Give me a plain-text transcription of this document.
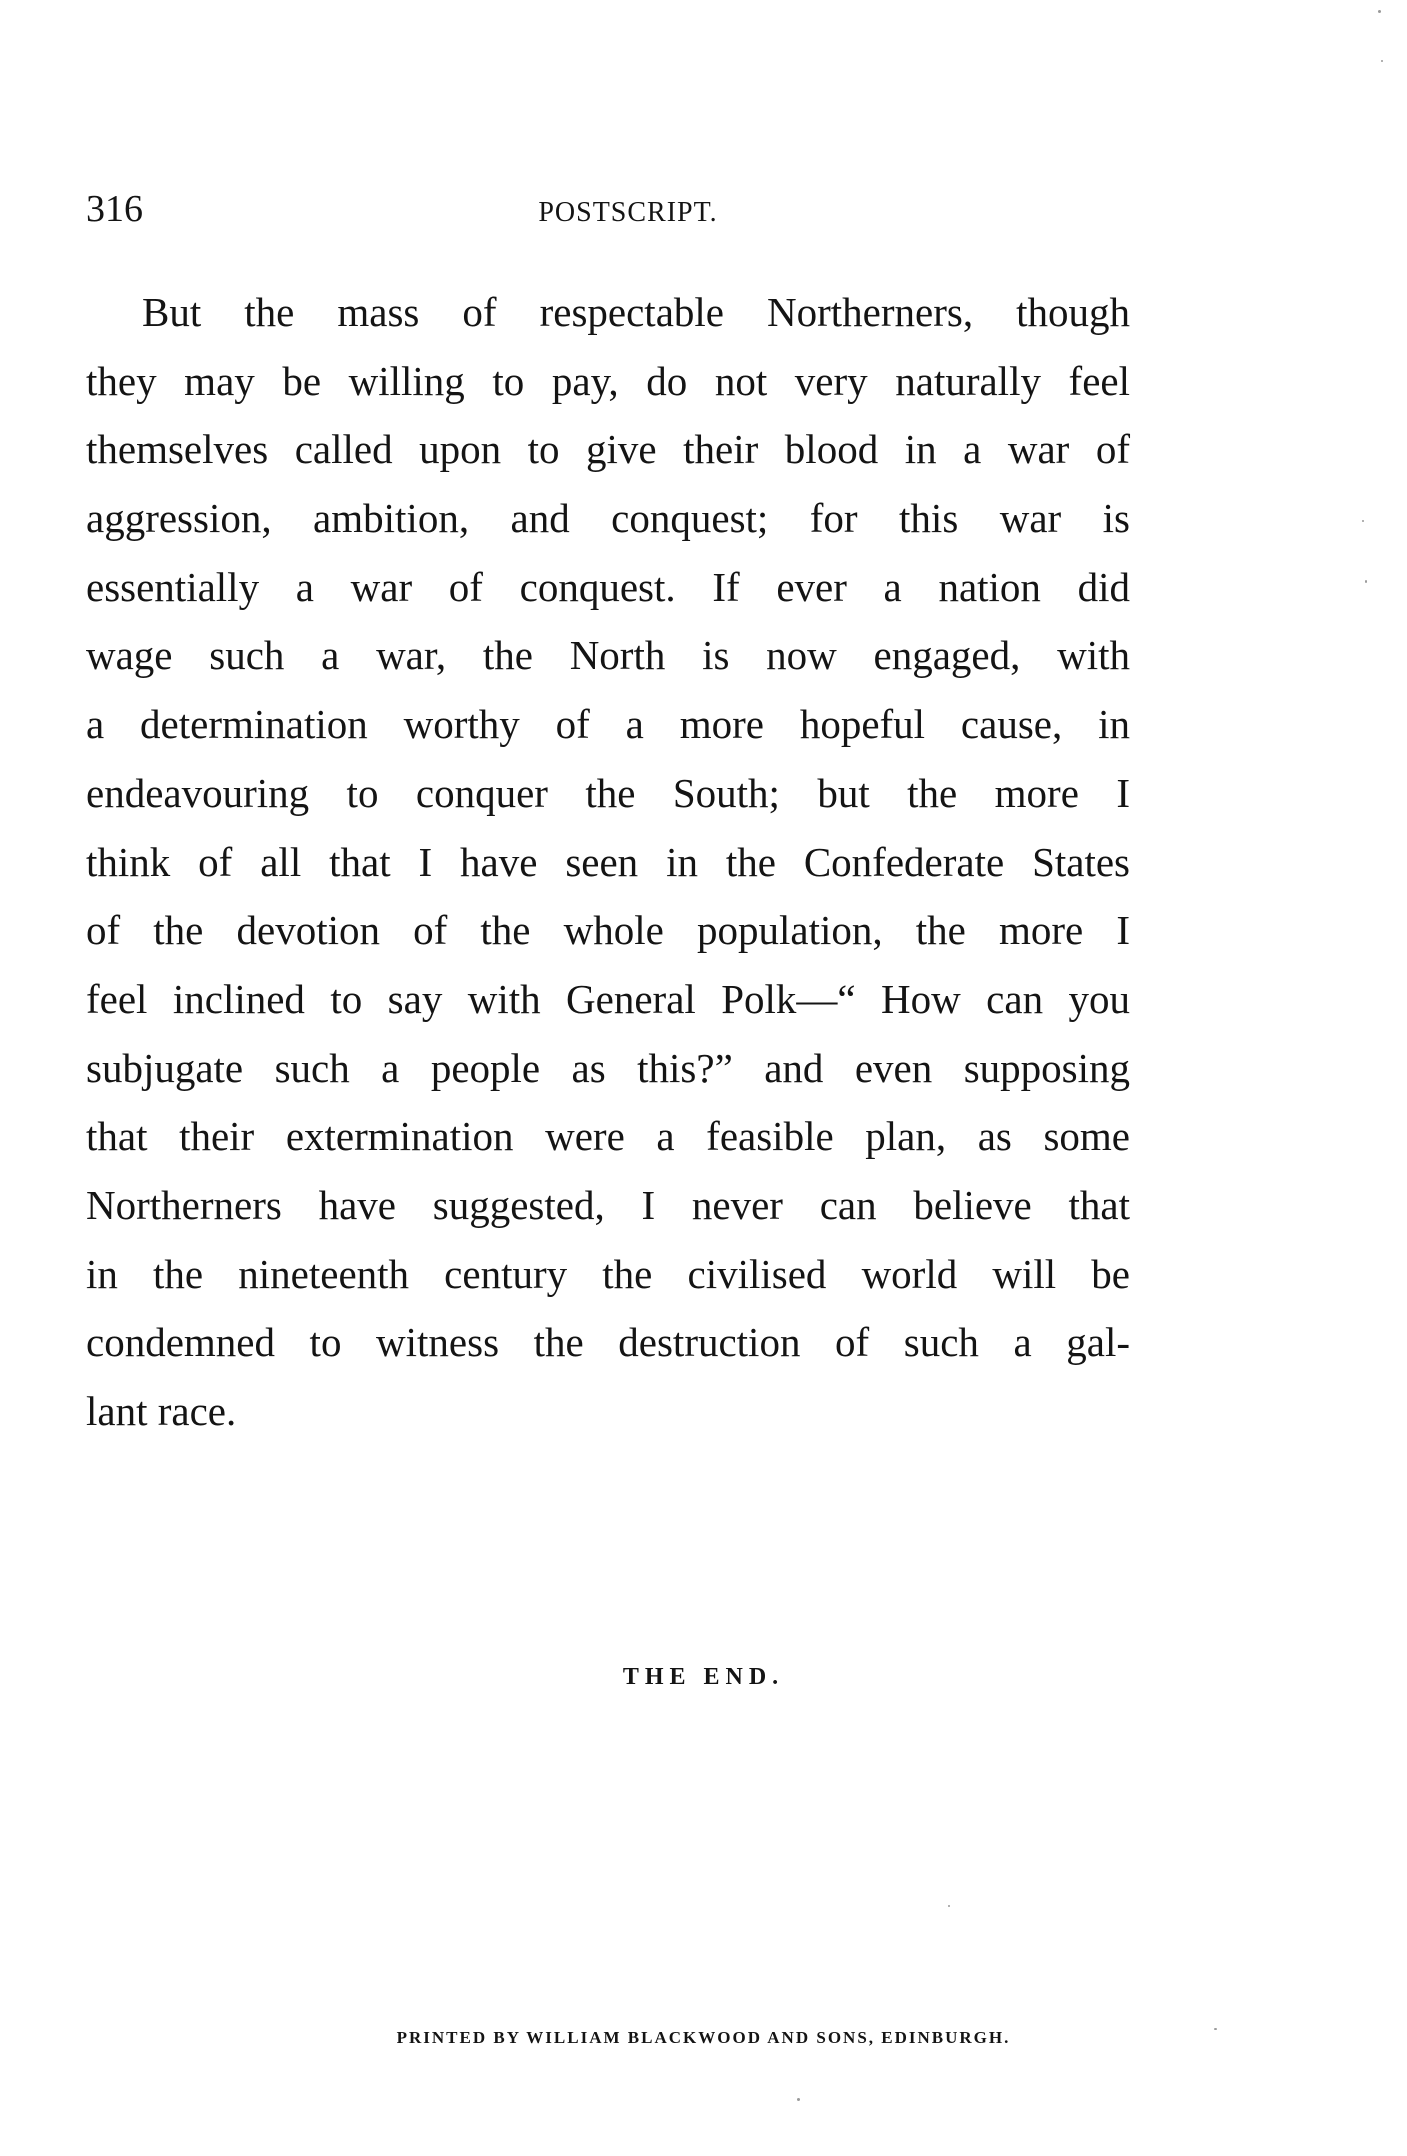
316	POSTSCRIPT.
But the mass of respectable Northerners, though
they may be willing to pay, do not very naturally feel
themselves called upon to give their blood in a war of
aggression, ambition, and conquest; for this war is
essentially a war of conquest. If ever a nation did
wage such a war, the North is now engaged, with
a determination worthy of a more hopeful cause, in
endeavouring to conquer the South; but the more I
think of all that I have seen in the Confederate States
of the devotion of the whole population, the more I
feel inclined to say with General Polk—“ How can you
subjugate such a people as this?” and even supposing
that their extermination were a feasible plan, as some
Northerners have suggested, I never can believe that
in the nineteenth century the civilised world will be
condemned to witness the destruction of such a gal-
lant race.
THE END.
PRINTED BY WILLIAM BLACKWOOD AND SONS, EDINBURGH.
